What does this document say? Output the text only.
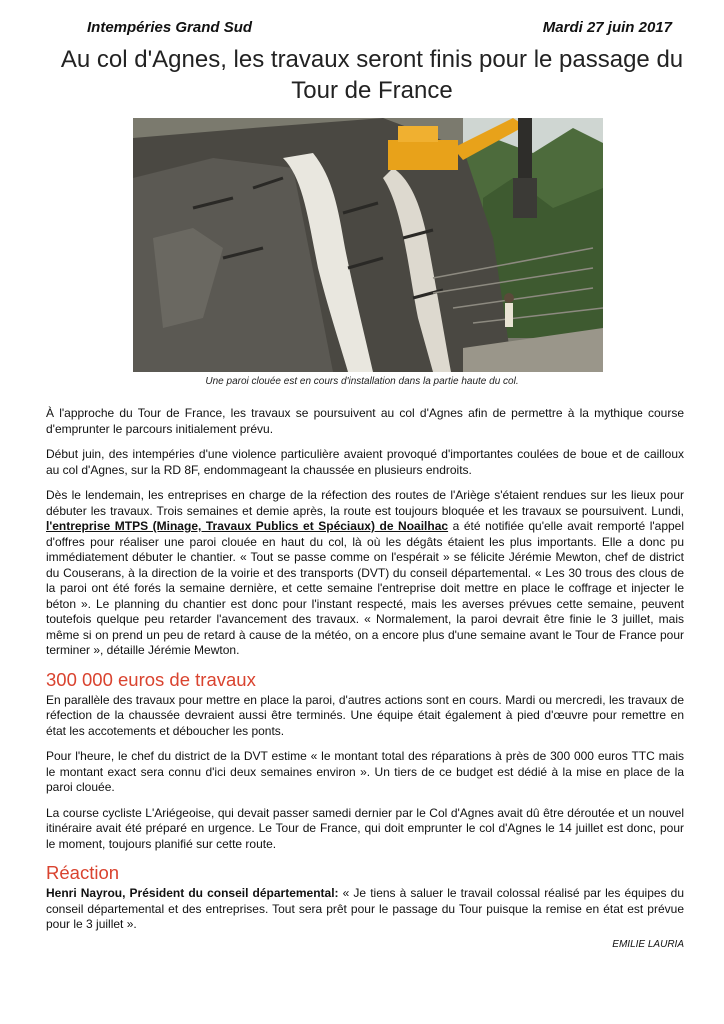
Intempéries Grand Sud	Mardi 27 juin 2017
Au col d'Agnes, les travaux seront finis pour le passage du Tour de France
Une paroi clouée est en cours d'installation dans la partie haute du col.

À l'approche du Tour de France, les travaux se poursuivent au col d'Agnes afin de permettre à la mythique course d'emprunter le parcours initialement prévu.

Début juin, des intempéries d'une violence particulière avaient provoqué d'importantes coulées de boue et de cailloux au col d'Agnes, sur la RD 8F, endommageant la chaussée en plusieurs endroits.

Dès le lendemain, les entreprises en charge de la réfection des routes de l'Ariège s'étaient rendues sur les lieux pour débuter les travaux. Trois semaines et demie après, la route est toujours bloquée et les travaux se poursuivent. Lundi, l'entreprise MTPS (Minage, Travaux Publics et Spéciaux) de Noailhac a été notifiée qu'elle avait remporté l'appel d'offres pour réaliser une paroi clouée en haut du col, là où les dégâts étaient les plus importants. Elle a donc pu immédiatement débuter le chantier. « Tout se passe comme on l'espérait » se félicite Jérémie Mewton, chef de district du Couserans, à la direction de la voirie et des transports (DVT) du conseil départemental. « Les 30 trous des clous de la paroi ont été forés la semaine dernière, et cette semaine l'entreprise doit mettre en place le coffrage et injecter le béton ». Le planning du chantier est donc pour l'instant respecté, mais les averses prévues cette semaine, peuvent toutefois quelque peu retarder l'avancement des travaux. « Normalement, la paroi devrait être finie le 3 juillet, mais même si on prend un peu de retard à cause de la météo, on a encore plus d'une semaine avant le Tour de France pour terminer », détaille Jérémie Mewton.

300 000 euros de travaux

En parallèle des travaux pour mettre en place la paroi, d'autres actions sont en cours. Mardi ou mercredi, les travaux de réfection de la chaussée devraient aussi être terminés. Une équipe était également à pied d'œuvre pour remettre en état les accotements et déboucher les ponts.

Pour l'heure, le chef du district de la DVT estime « le montant total des réparations à près de 300 000 euros TTC mais le montant exact sera connu d'ici deux semaines environ ». Un tiers de ce budget est dédié à la mise en place de la paroi clouée.

La course cycliste L'Ariégeoise, qui devait passer samedi dernier par le Col d'Agnes avait dû être déroutée et un nouvel itinéraire avait été préparé en urgence. Le Tour de France, qui doit emprunter le col d'Agnes le 14 juillet est donc, pour le moment, toujours planifié sur cette route.

Réaction

Henri Nayrou, Président du conseil départemental: « Je tiens à saluer le travail colossal réalisé par les équipes du conseil départemental et des entreprises. Tout sera prêt pour le passage du Tour puisque la remise en état est prévue pour le 3 juillet ».

EMILIE LAURIA
